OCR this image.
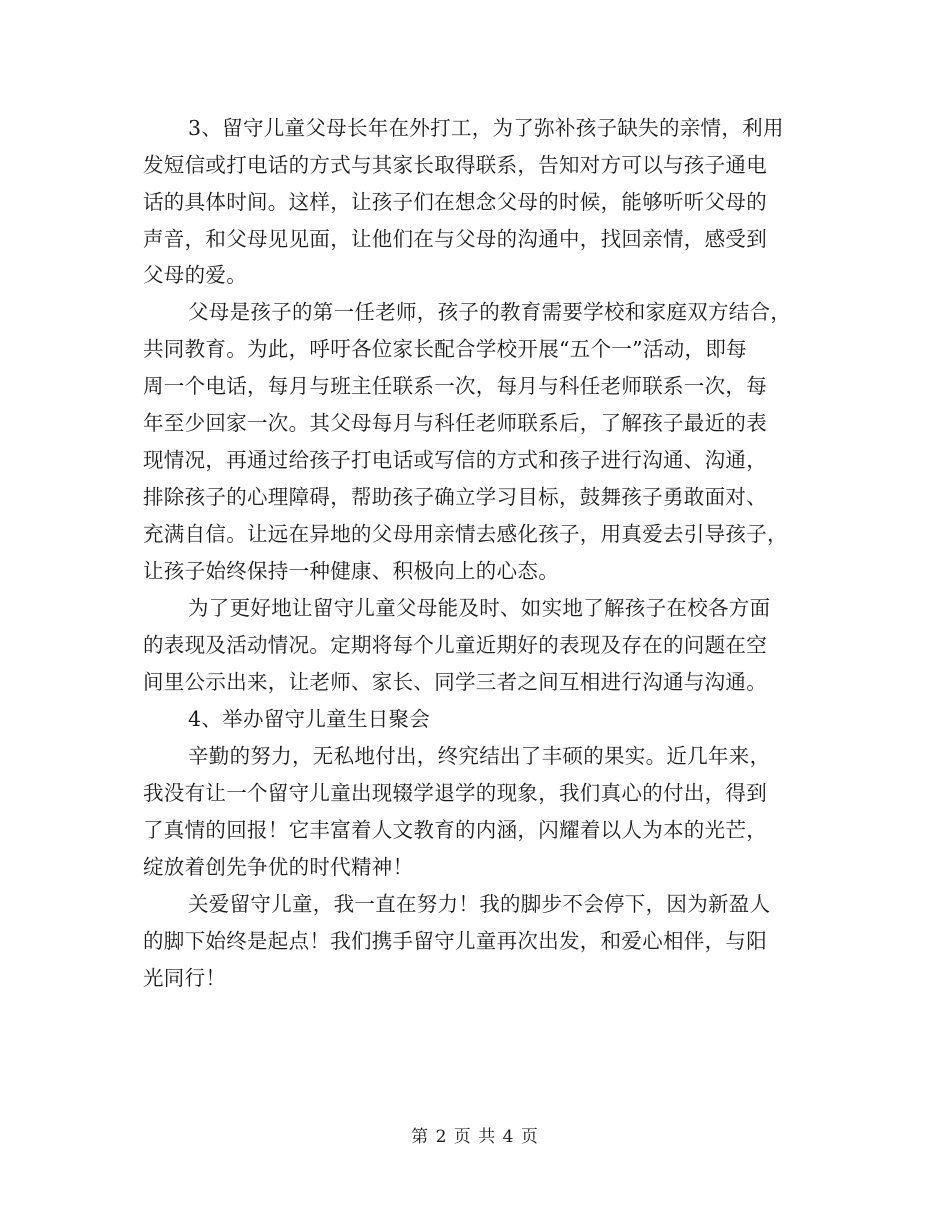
3、留守儿童父母长年在外打工，为了弥补孩子缺失的亲情，利用
发短信或打电话的方式与其家长取得联系，告知对方可以与孩子通电
话的具体时间。这样，让孩子们在想念父母的时候，能够听听父母的
声音，和父母见见面，让他们在与父母的沟通中，找回亲情，感受到
父母的爱。
父母是孩子的第一任老师，孩子的教育需要学校和家庭双方结合，
共同教育。为此，呼吁各位家长配合学校开展“五个一”活动，即每
周一个电话，每月与班主任联系一次，每月与科任老师联系一次，每
年至少回家一次。其父母每月与科任老师联系后，了解孩子最近的表
现情况，再通过给孩子打电话或写信的方式和孩子进行沟通、沟通，
排除孩子的心理障碍，帮助孩子确立学习目标，鼓舞孩子勇敢面对、
充满自信。让远在异地的父母用亲情去感化孩子，用真爱去引导孩子，
让孩子始终保持一种健康、积极向上的心态。
为了更好地让留守儿童父母能及时、如实地了解孩子在校各方面
的表现及活动情况。定期将每个儿童近期好的表现及存在的问题在空
间里公示出来，让老师、家长、同学三者之间互相进行沟通与沟通。
4、举办留守儿童生日聚会
辛勤的努力，无私地付出，终究结出了丰硕的果实。近几年来，
我没有让一个留守儿童出现辍学退学的现象，我们真心的付出，得到
了真情的回报！它丰富着人文教育的内涵，闪耀着以人为本的光芒，
绽放着创先争优的时代精神！
关爱留守儿童，我一直在努力！我的脚步不会停下，因为新盈人
的脚下始终是起点！我们携手留守儿童再次出发，和爱心相伴，与阳
光同行！
第 2 页 共 4 页
